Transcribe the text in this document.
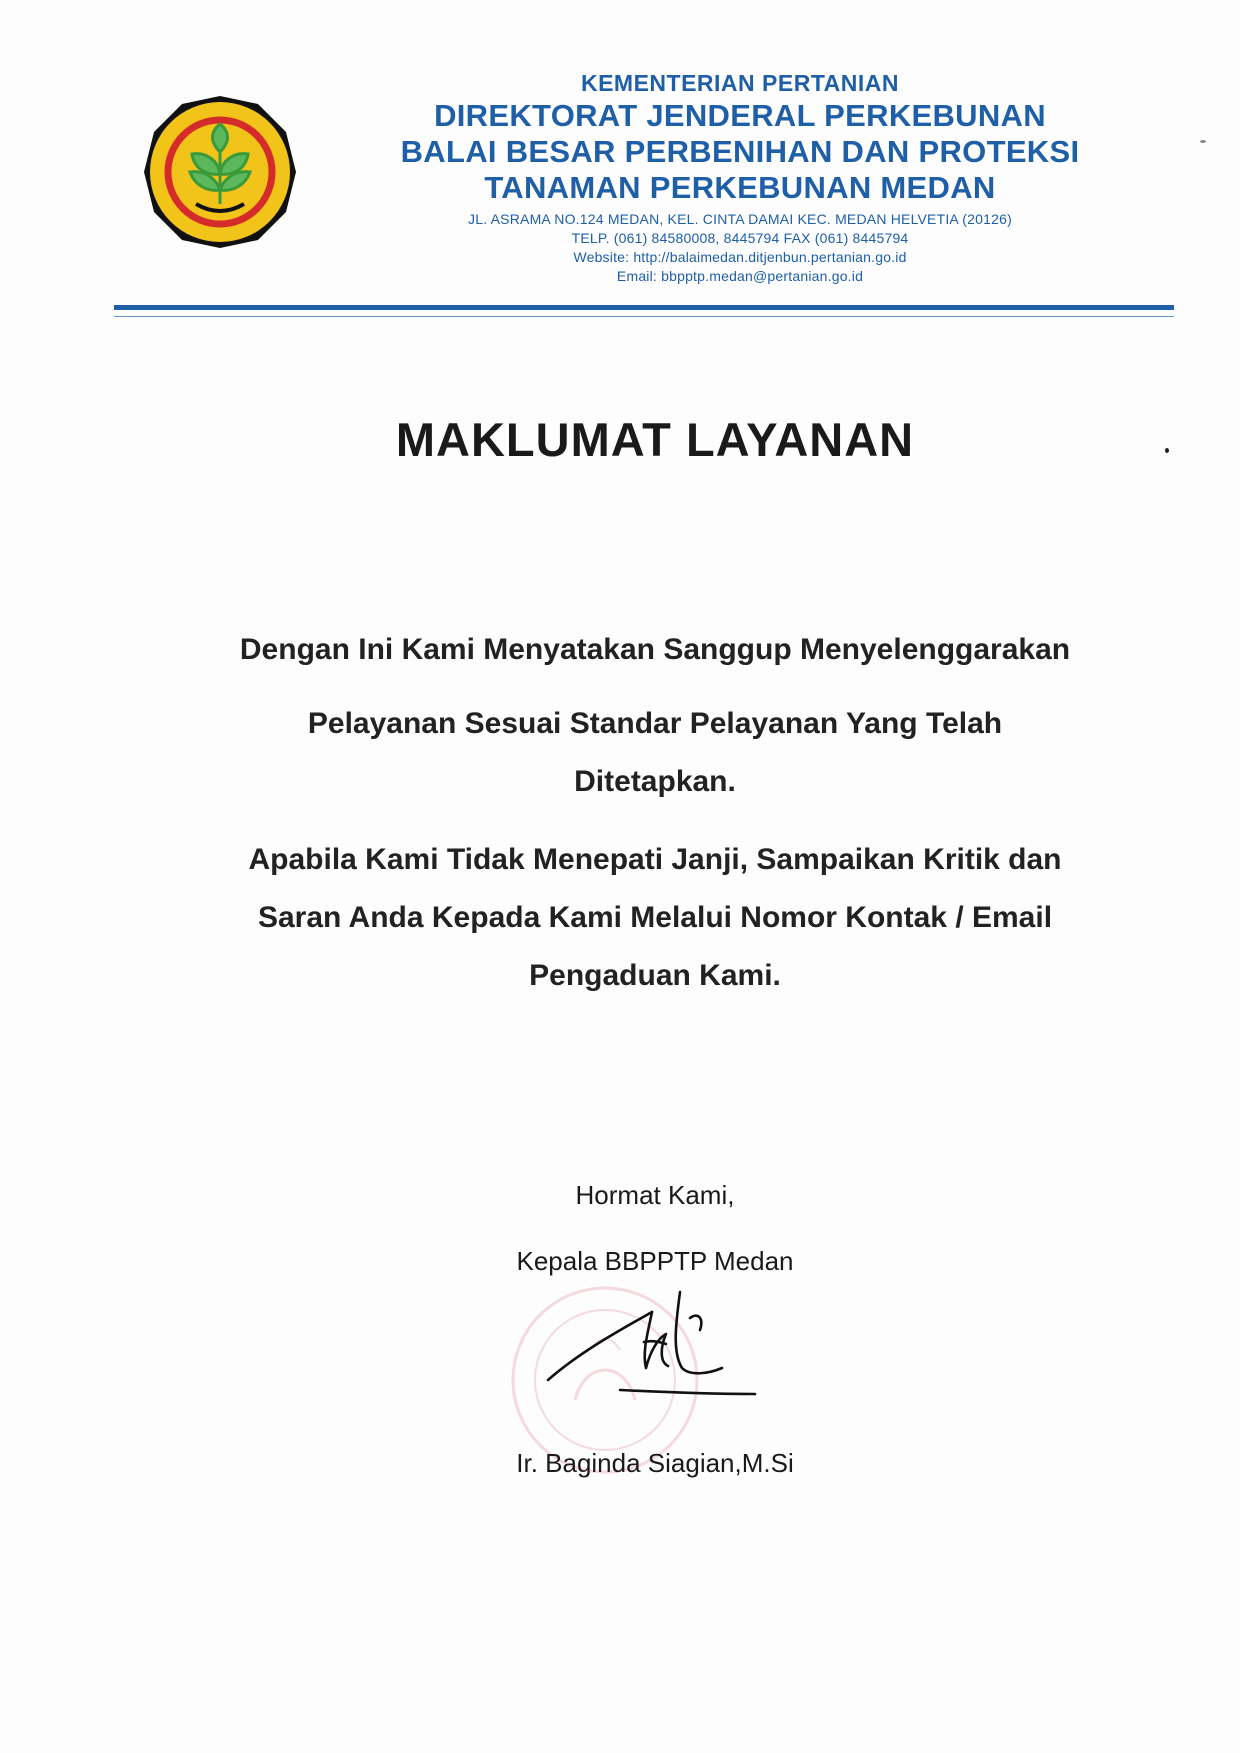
KEMENTERIAN PERTANIAN
DIREKTORAT JENDERAL PERKEBUNAN
BALAI BESAR PERBENIHAN DAN PROTEKSI
TANAMAN PERKEBUNAN MEDAN
JL. ASRAMA NO.124 MEDAN, KEL. CINTA DAMAI KEC. MEDAN HELVETIA (20126)
TELP. (061) 84580008, 8445794 FAX (061) 8445794
Website: http://balaimedan.ditjenbun.pertanian.go.id
Email: bbpptp.medan@pertanian.go.id
MAKLUMAT LAYANAN

Dengan Ini Kami Menyatakan Sanggup Menyelenggarakan

Pelayanan Sesuai Standar Pelayanan Yang Telah

Ditetapkan.

Apabila Kami Tidak Menepati Janji, Sampaikan Kritik dan

Saran Anda Kepada Kami Melalui Nomor Kontak / Email

Pengaduan Kami.

Hormat Kami,
Kepala BBPPTP Medan
Ir. Baginda Siagian,M.Si
